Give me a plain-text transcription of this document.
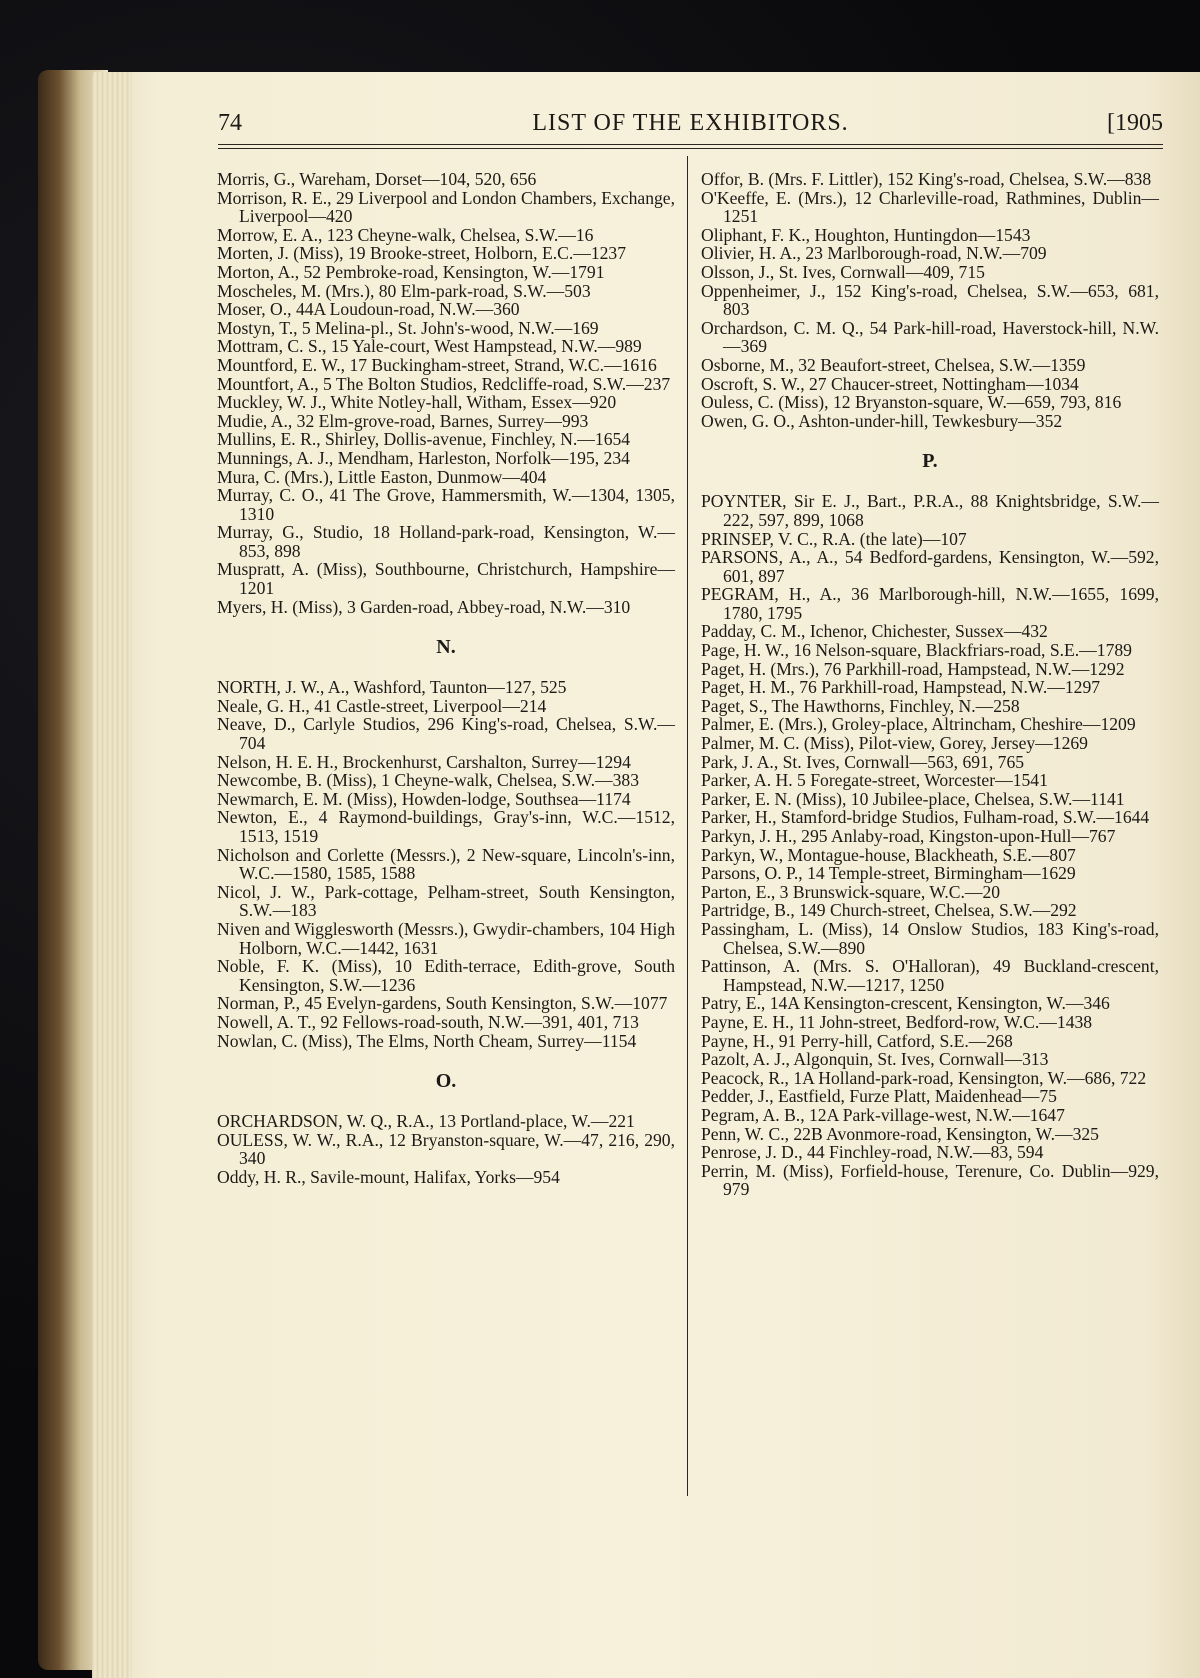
74	LIST OF THE EXHIBITORS.	[1905
Morris, G., Wareham, Dorset—104, 520, 656
Morrison, R. E., 29 Liverpool and London Chambers, Exchange, Liverpool—420
Morrow, E. A., 123 Cheyne-walk, Chelsea, S.W.—16
Morten, J. (Miss), 19 Brooke-street, Holborn, E.C.—1237
Morton, A., 52 Pembroke-road, Kensington, W.—1791
Moscheles, M. (Mrs.), 80 Elm-park-road, S.W.—503
Moser, O., 44A Loudoun-road, N.W.—360
Mostyn, T., 5 Melina-pl., St. John's-wood, N.W.—169
Mottram, C. S., 15 Yale-court, West Hampstead, N.W.—989
Mountford, E. W., 17 Buckingham-street, Strand, W.C.—1616
Mountfort, A., 5 The Bolton Studios, Redcliffe-road, S.W.—237
Muckley, W. J., White Notley-hall, Witham, Essex—920
Mudie, A., 32 Elm-grove-road, Barnes, Surrey—993
Mullins, E. R., Shirley, Dollis-avenue, Finchley, N.—1654
Munnings, A. J., Mendham, Harleston, Norfolk—195, 234
Mura, C. (Mrs.), Little Easton, Dunmow—404
Murray, C. O., 41 The Grove, Hammersmith, W.—1304, 1305, 1310
Murray, G., Studio, 18 Holland-park-road, Kensington, W.—853, 898
Muspratt, A. (Miss), Southbourne, Christchurch, Hampshire—1201
Myers, H. (Miss), 3 Garden-road, Abbey-road, N.W.—310
N.
NORTH, J. W., A., Washford, Taunton—127, 525
Neale, G. H., 41 Castle-street, Liverpool—214
Neave, D., Carlyle Studios, 296 King's-road, Chelsea, S.W.—704
Nelson, H. E. H., Brockenhurst, Carshalton, Surrey—1294
Newcombe, B. (Miss), 1 Cheyne-walk, Chelsea, S.W.—383
Newmarch, E. M. (Miss), Howden-lodge, Southsea—1174
Newton, E., 4 Raymond-buildings, Gray's-inn, W.C.—1512, 1513, 1519
Nicholson and Corlette (Messrs.), 2 New-square, Lincoln's-inn, W.C.—1580, 1585, 1588
Nicol, J. W., Park-cottage, Pelham-street, South Kensington, S.W.—183
Niven and Wigglesworth (Messrs.), Gwydir-chambers, 104 High Holborn, W.C.—1442, 1631
Noble, F. K. (Miss), 10 Edith-terrace, Edith-grove, South Kensington, S.W.—1236
Norman, P., 45 Evelyn-gardens, South Kensington, S.W.—1077
Nowell, A. T., 92 Fellows-road-south, N.W.—391, 401, 713
Nowlan, C. (Miss), The Elms, North Cheam, Surrey—1154
O.
ORCHARDSON, W. Q., R.A., 13 Portland-place, W.—221
OULESS, W. W., R.A., 12 Bryanston-square, W.—47, 216, 290, 340
Oddy, H. R., Savile-mount, Halifax, Yorks—954
Offor, B. (Mrs. F. Littler), 152 King's-road, Chelsea, S.W.—838
O'Keeffe, E. (Mrs.), 12 Charleville-road, Rathmines, Dublin—1251
Oliphant, F. K., Houghton, Huntingdon—1543
Olivier, H. A., 23 Marlborough-road, N.W.—709
Olsson, J., St. Ives, Cornwall—409, 715
Oppenheimer, J., 152 King's-road, Chelsea, S.W.—653, 681, 803
Orchardson, C. M. Q., 54 Park-hill-road, Haverstock-hill, N.W.—369
Osborne, M., 32 Beaufort-street, Chelsea, S.W.—1359
Oscroft, S. W., 27 Chaucer-street, Nottingham—1034
Ouless, C. (Miss), 12 Bryanston-square, W.—659, 793, 816
Owen, G. O., Ashton-under-hill, Tewkesbury—352
P.
POYNTER, Sir E. J., Bart., P.R.A., 88 Knightsbridge, S.W.—222, 597, 899, 1068
PRINSEP, V. C., R.A. (the late)—107
PARSONS, A., A., 54 Bedford-gardens, Kensington, W.—592, 601, 897
PEGRAM, H., A., 36 Marlborough-hill, N.W.—1655, 1699, 1780, 1795
Padday, C. M., Ichenor, Chichester, Sussex—432
Page, H. W., 16 Nelson-square, Blackfriars-road, S.E.—1789
Paget, H. (Mrs.), 76 Parkhill-road, Hampstead, N.W.—1292
Paget, H. M., 76 Parkhill-road, Hampstead, N.W.—1297
Paget, S., The Hawthorns, Finchley, N.—258
Palmer, E. (Mrs.), Groley-place, Altrincham, Cheshire—1209
Palmer, M. C. (Miss), Pilot-view, Gorey, Jersey—1269
Park, J. A., St. Ives, Cornwall—563, 691, 765
Parker, A. H. 5 Foregate-street, Worcester—1541
Parker, E. N. (Miss), 10 Jubilee-place, Chelsea, S.W.—1141
Parker, H., Stamford-bridge Studios, Fulham-road, S.W.—1644
Parkyn, J. H., 295 Anlaby-road, Kingston-upon-Hull—767
Parkyn, W., Montague-house, Blackheath, S.E.—807
Parsons, O. P., 14 Temple-street, Birmingham—1629
Parton, E., 3 Brunswick-square, W.C.—20
Partridge, B., 149 Church-street, Chelsea, S.W.—292
Passingham, L. (Miss), 14 Onslow Studios, 183 King's-road, Chelsea, S.W.—890
Pattinson, A. (Mrs. S. O'Halloran), 49 Buckland-crescent, Hampstead, N.W.—1217, 1250
Patry, E., 14A Kensington-crescent, Kensington, W.—346
Payne, E. H., 11 John-street, Bedford-row, W.C.—1438
Payne, H., 91 Perry-hill, Catford, S.E.—268
Pazolt, A. J., Algonquin, St. Ives, Cornwall—313
Peacock, R., 1A Holland-park-road, Kensington, W.—686, 722
Pedder, J., Eastfield, Furze Platt, Maidenhead—75
Pegram, A. B., 12A Park-village-west, N.W.—1647
Penn, W. C., 22B Avonmore-road, Kensington, W.—325
Penrose, J. D., 44 Finchley-road, N.W.—83, 594
Perrin, M. (Miss), Forfield-house, Terenure, Co. Dublin—929, 979
